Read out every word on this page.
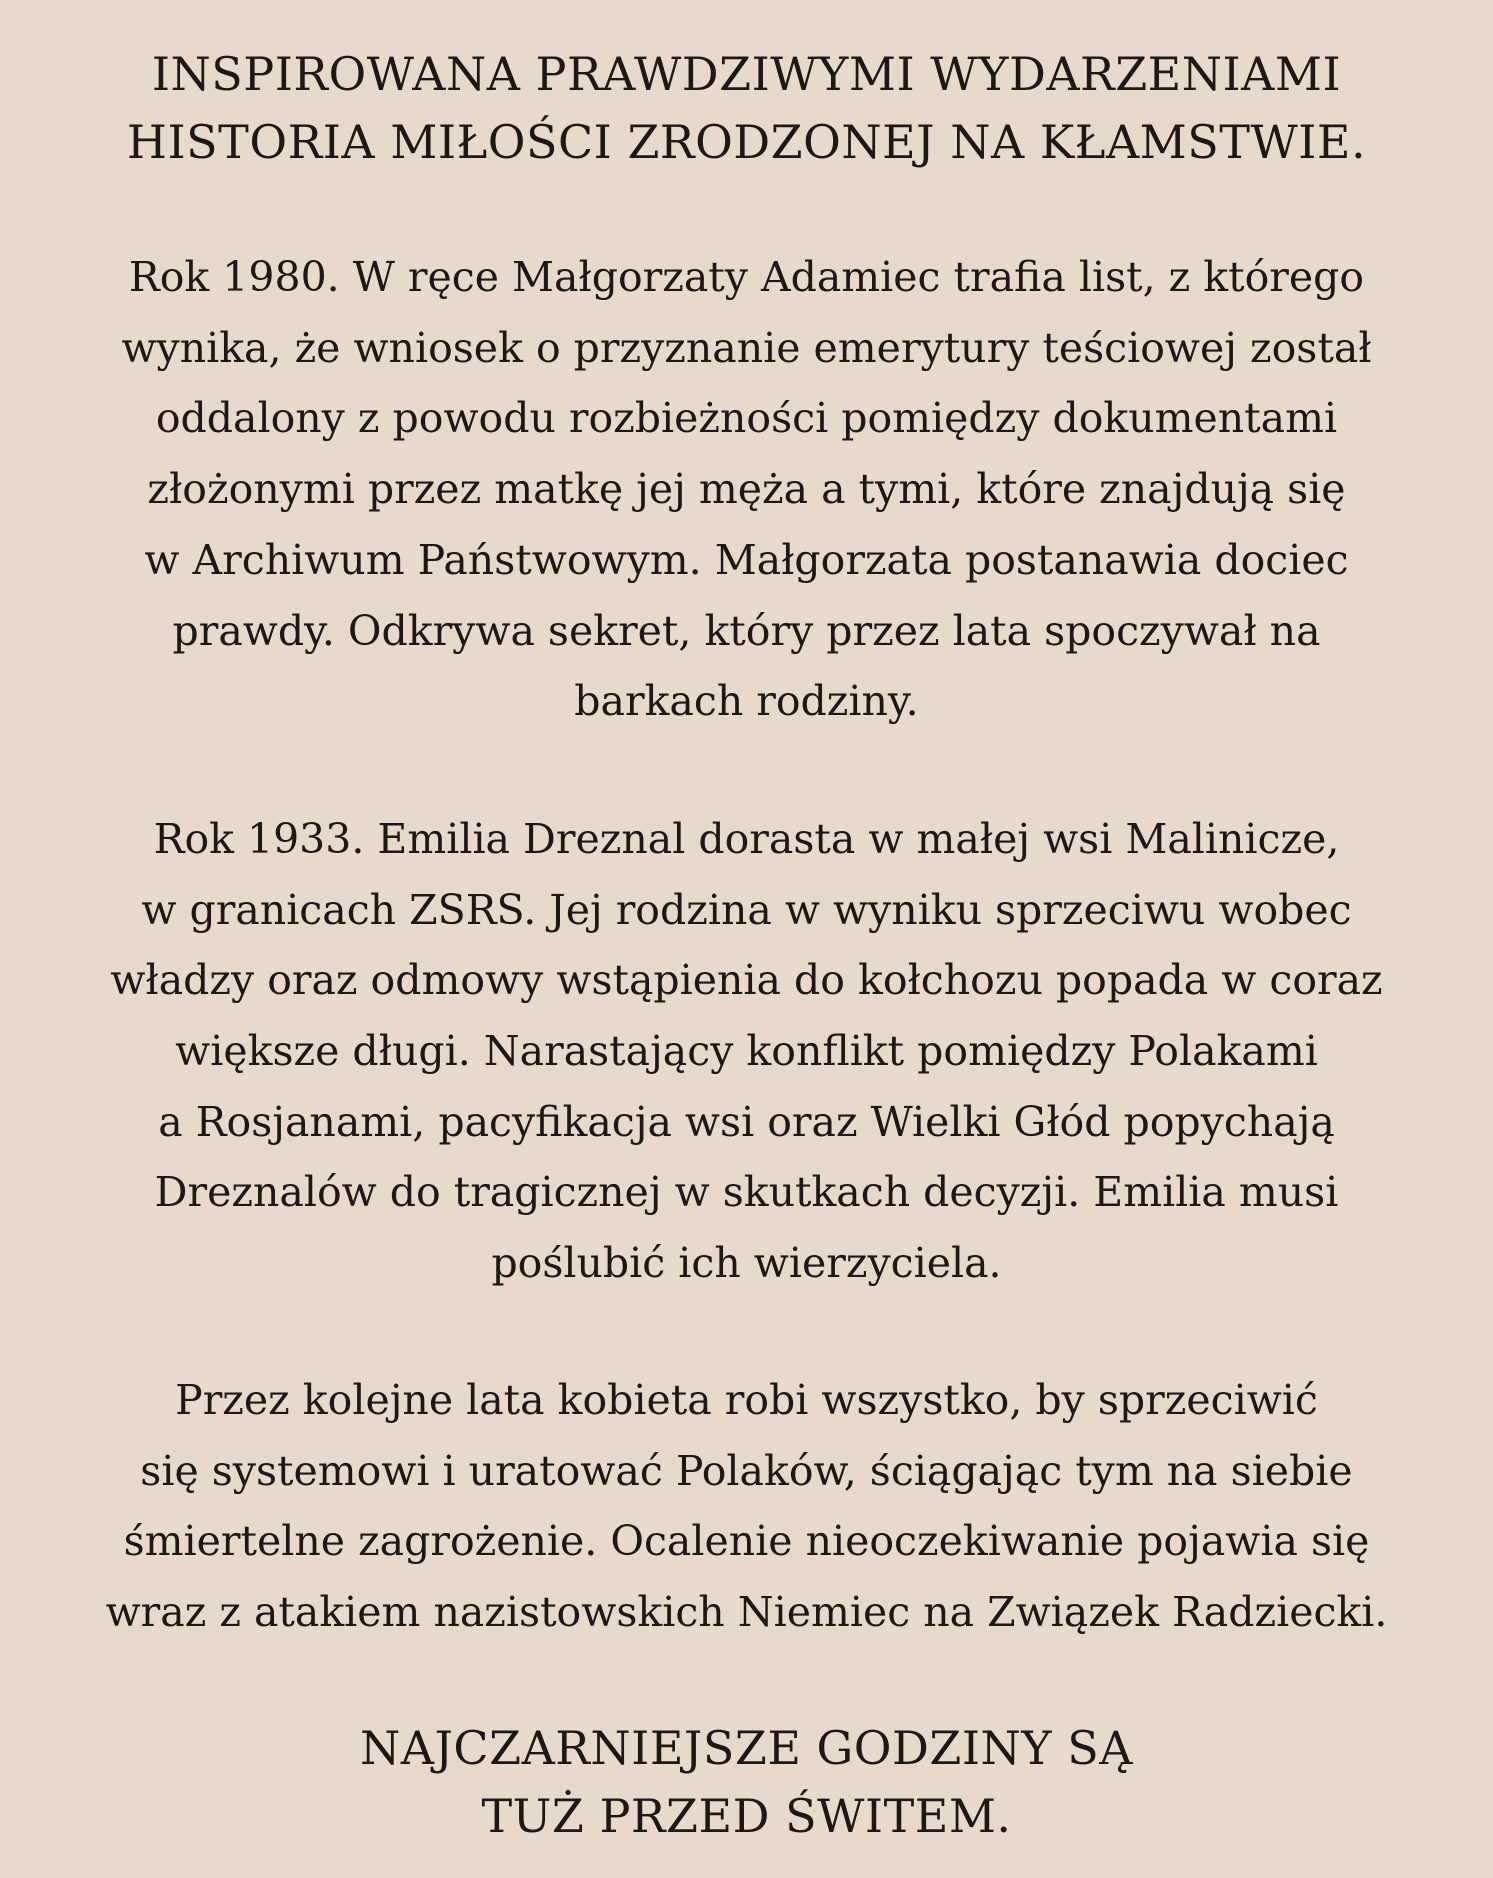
INSPIROWANA PRAWDZIWYMI WYDARZENIAMI
HISTORIA MIŁOŚCI ZRODZONEJ NA KŁAMSTWIE.

Rok 1980. W ręce Małgorzaty Adamiec trafia list, z którego
wynika, że wniosek o przyznanie emerytury teściowej został
oddalony z powodu rozbieżności pomiędzy dokumentami
złożonymi przez matkę jej męża a tymi, które znajdują się
w Archiwum Państwowym. Małgorzata postanawia dociec
prawdy. Odkrywa sekret, który przez lata spoczywał na
barkach rodziny.

Rok 1933. Emilia Dreznal dorasta w małej wsi Malinicze,
w granicach ZSRS. Jej rodzina w wyniku sprzeciwu wobec
władzy oraz odmowy wstąpienia do kołchozu popada w coraz
większe długi. Narastający konflikt pomiędzy Polakami
a Rosjanami, pacyfikacja wsi oraz Wielki Głód popychają
Dreznalów do tragicznej w skutkach decyzji. Emilia musi
poślubić ich wierzyciela.

Przez kolejne lata kobieta robi wszystko, by sprzeciwić
się systemowi i uratować Polaków, ściągając tym na siebie
śmiertelne zagrożenie. Ocalenie nieoczekiwanie pojawia się
wraz z atakiem nazistowskich Niemiec na Związek Radziecki.

NAJCZARNIEJSZE GODZINY SĄ
TUŻ PRZED ŚWITEM.
